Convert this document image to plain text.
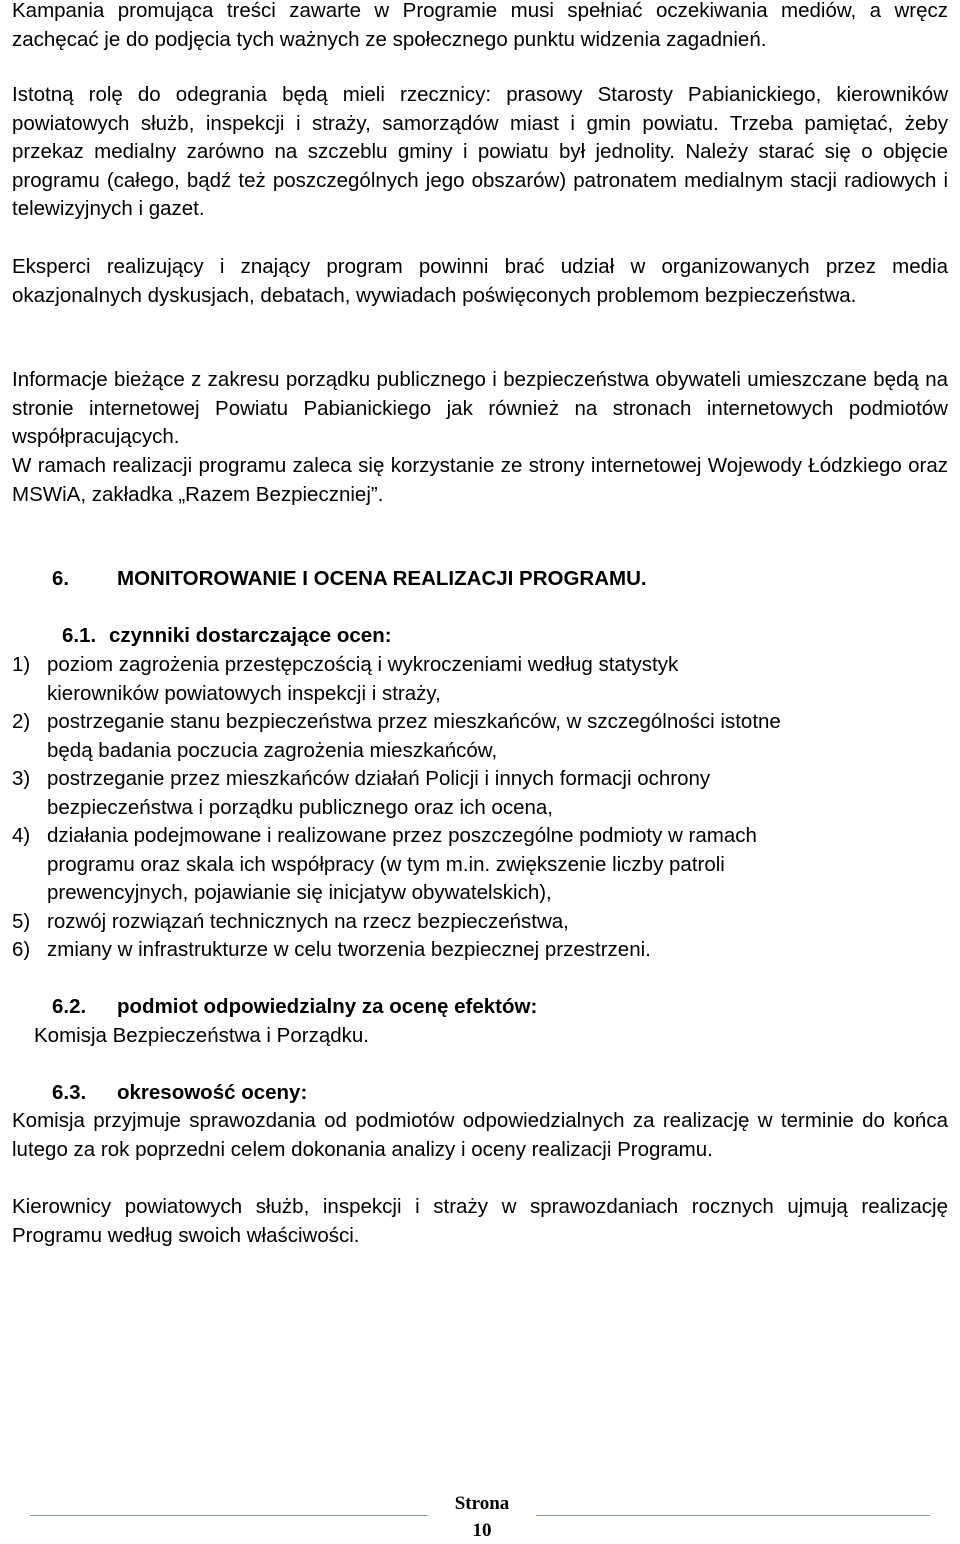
Kampania promująca treści zawarte w Programie musi spełniać oczekiwania mediów, a wręcz zachęcać je do podjęcia tych ważnych ze społecznego punktu widzenia zagadnień.

Istotną rolę do odegrania będą mieli rzecznicy: prasowy Starosty Pabianickiego, kierowników powiatowych służb, inspekcji i straży, samorządów miast i gmin powiatu. Trzeba pamiętać, żeby przekaz medialny zarówno na szczeblu gminy i powiatu był jednolity. Należy starać się o objęcie programu (całego, bądź też poszczególnych jego obszarów) patronatem medialnym stacji radiowych i telewizyjnych i gazet.

Eksperci realizujący i znający program powinni brać udział w organizowanych przez media okazjonalnych dyskusjach, debatach, wywiadach poświęconych problemom bezpieczeństwa.

Informacje bieżące z zakresu porządku publicznego i bezpieczeństwa obywateli umieszczane będą na stronie internetowej Powiatu Pabianickiego jak również na stronach internetowych podmiotów współpracujących.

W ramach realizacji programu zaleca się korzystanie ze strony internetowej Wojewody Łódzkiego oraz MSWiA, zakładka „Razem Bezpieczniej”.

6. MONITOROWANIE I OCENA REALIZACJI PROGRAMU.
6.1. czynniki dostarczające ocen:
1) poziom zagrożenia przestępczością i wykroczeniami według statystyk
kierowników powiatowych inspekcji i straży,
2) postrzeganie stanu bezpieczeństwa przez mieszkańców, w szczególności istotne
będą badania poczucia zagrożenia mieszkańców,
3) postrzeganie przez mieszkańców działań Policji i innych formacji ochrony
bezpieczeństwa i porządku publicznego oraz ich ocena,
4) działania podejmowane i realizowane przez poszczególne podmioty w ramach
programu oraz skala ich współpracy (w tym m.in. zwiększenie liczby patroli
prewencyjnych, pojawianie się inicjatyw obywatelskich),
5) rozwój rozwiązań technicznych na rzecz bezpieczeństwa,
6) zmiany w infrastrukturze w celu tworzenia bezpiecznej przestrzeni.
6.2. podmiot odpowiedzialny za ocenę efektów:
Komisja Bezpieczeństwa i Porządku.
6.3. okresowość oceny:

Komisja przyjmuje sprawozdania od podmiotów odpowiedzialnych za realizację w terminie do końca lutego za rok poprzedni celem dokonania analizy i oceny realizacji Programu.

Kierownicy powiatowych służb, inspekcji i straży w sprawozdaniach rocznych ujmują realizację Programu według swoich właściwości.

Strona
10
